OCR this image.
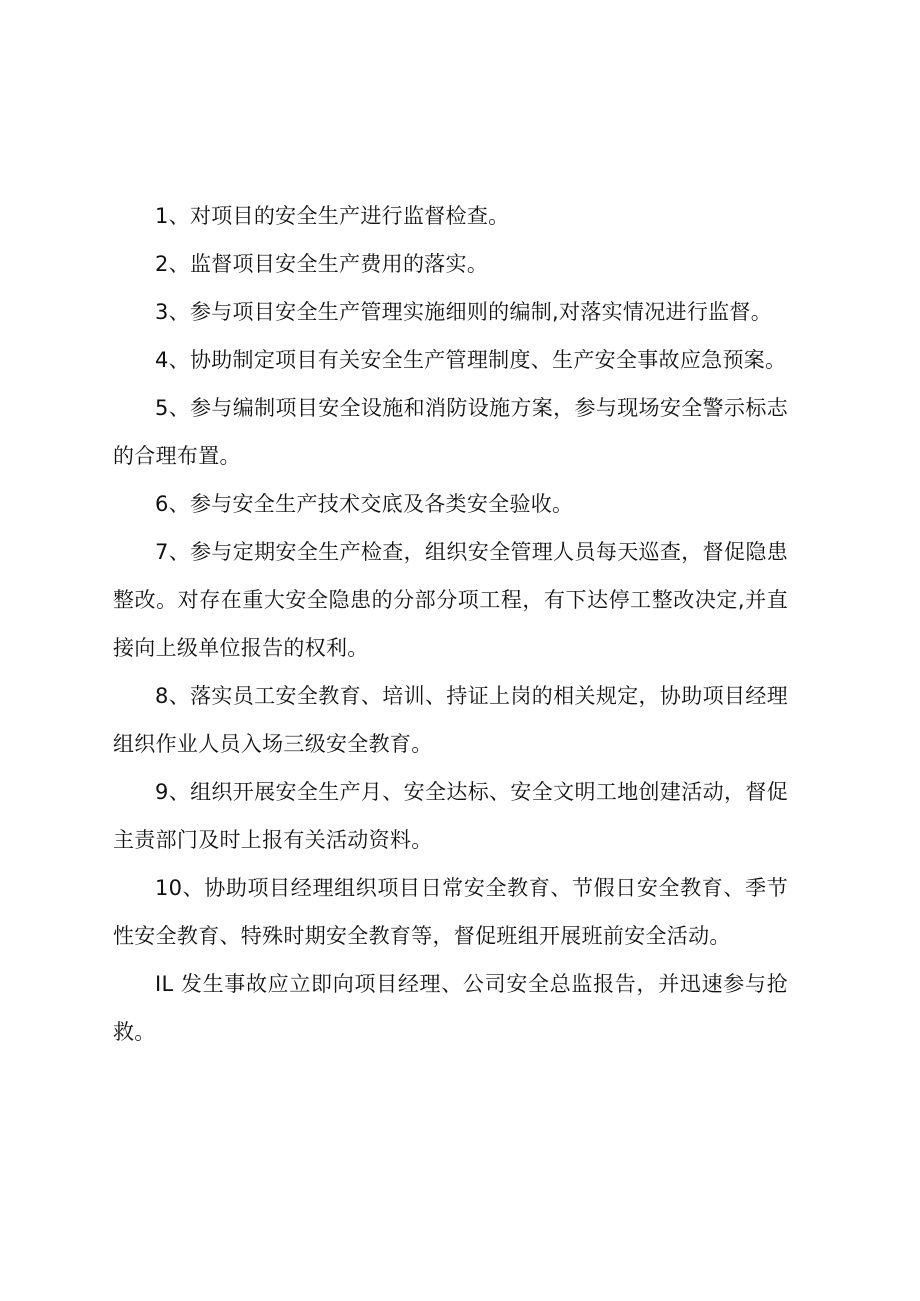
1、对项目的安全生产进行监督检查。

2、监督项目安全生产费用的落实。

3、参与项目安全生产管理实施细则的编制,对落实情况进行监督。

4、协助制定项目有关安全生产管理制度、生产安全事故应急预案。

5、参与编制项目安全设施和消防设施方案，参与现场安全警示标志的合理布置。

6、参与安全生产技术交底及各类安全验收。

7、参与定期安全生产检查，组织安全管理人员每天巡查，督促隐患整改。对存在重大安全隐患的分部分项工程，有下达停工整改决定,并直接向上级单位报告的权利。

8、落实员工安全教育、培训、持证上岗的相关规定，协助项目经理组织作业人员入场三级安全教育。

9、组织开展安全生产月、安全达标、安全文明工地创建活动，督促主责部门及时上报有关活动资料。

10、协助项目经理组织项目日常安全教育、节假日安全教育、季节性安全教育、特殊时期安全教育等，督促班组开展班前安全活动。

IL 发生事故应立即向项目经理、公司安全总监报告，并迅速参与抢救。
